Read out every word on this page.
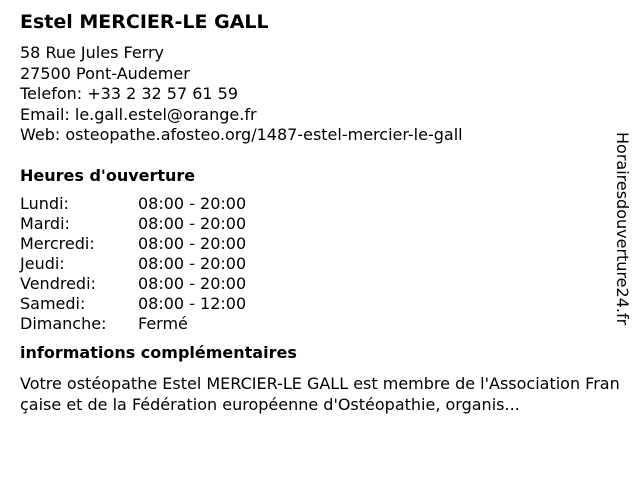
Estel MERCIER-LE GALL
58 Rue Jules Ferry
27500 Pont-Audemer
Telefon: +33 2 32 57 61 59
Email: le.gall.estel@orange.fr
Web: osteopathe.afosteo.org/1487-estel-mercier-le-gall
Heures d'ouverture
Lundi:	08:00 - 20:00
Mardi:	08:00 - 20:00
Mercredi:	08:00 - 20:00
Jeudi:	08:00 - 20:00
Vendredi:	08:00 - 20:00
Samedi:	08:00 - 12:00
Dimanche:	Fermé
informations complémentaires
Votre ostéopathe Estel MERCIER-LE GALL est membre de l'Association Française et de la Fédération européenne d'Ostéopathie, organis...
Horairesdouverture24.fr
